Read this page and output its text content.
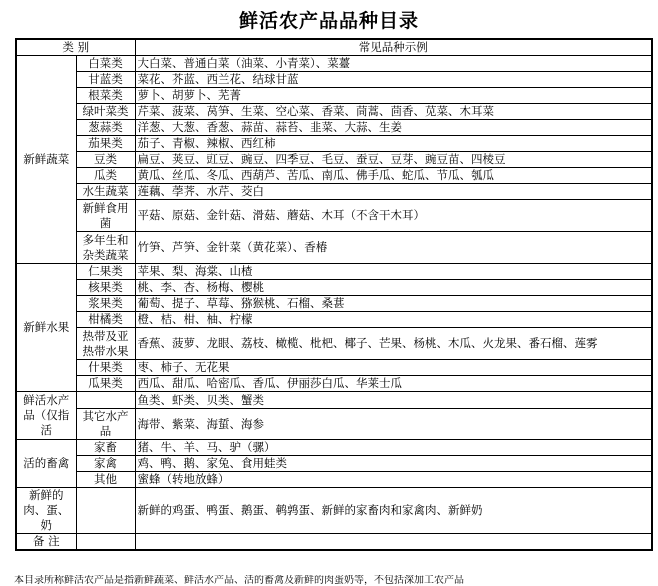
鲜活农产品品种目录
类 别		常见品种示例
新鲜蔬菜	白菜类	大白菜、普通白菜（油菜、小青菜）、菜薹
	甘蓝类	菜花、芥蓝、西兰花、结球甘蓝
	根菜类	萝卜、胡萝卜、芜菁
	绿叶菜类	芹菜、菠菜、莴笋、生菜、空心菜、香菜、茼蒿、茴香、苋菜、木耳菜
	葱蒜类	洋葱、大葱、香葱、蒜苗、蒜苔、韭菜、大蒜、生姜
	茄果类	茄子、青椒、辣椒、西红柿
	豆类	扁豆、荚豆、豇豆、豌豆、四季豆、毛豆、蚕豆、豆芽、豌豆苗、四棱豆
	瓜类	黄瓜、丝瓜、冬瓜、西葫芦、苦瓜、南瓜、佛手瓜、蛇瓜、节瓜、瓠瓜
	水生蔬菜	莲藕、荸荠、水芹、茭白
	新鲜食用菌	平菇、原菇、金针菇、滑菇、蘑菇、木耳（不含干木耳）
	多年生和杂类蔬菜	竹笋、芦笋、金针菜（黄花菜）、香椿
新鲜水果	仁果类	苹果、梨、海棠、山楂
	核果类	桃、李、杏、杨梅、樱桃
	浆果类	葡萄、提子、草莓、猕猴桃、石榴、桑葚
	柑橘类	橙、桔、柑、柚、柠檬
	热带及亚热带水果	香蕉、菠萝、龙眼、荔枝、橄榄、枇杷、椰子、芒果、杨桃、木瓜、火龙果、番石榴、莲雾
	什果类	枣、柿子、无花果
	瓜果类	西瓜、甜瓜、哈密瓜、香瓜、伊丽莎白瓜、华莱士瓜
鲜活水产品（仅指活		鱼类、虾类、贝类、蟹类
	其它水产品	海带、紫菜、海蜇、海参
活的畜禽	家畜	猪、牛、羊、马、驴（骡）
	家禽	鸡、鸭、鹅、家兔、食用蛙类
	其他	蜜蜂（转地放蜂）
新鲜的肉、蛋、奶		新鲜的鸡蛋、鸭蛋、鹅蛋、鹌鹑蛋、新鲜的家畜肉和家禽肉、新鲜奶
备 注		
本目录所称鲜活农产品是指新鲜蔬菜、鲜活水产品、活的畜禽及新鲜的肉蛋奶等，不包括深加工农产品
